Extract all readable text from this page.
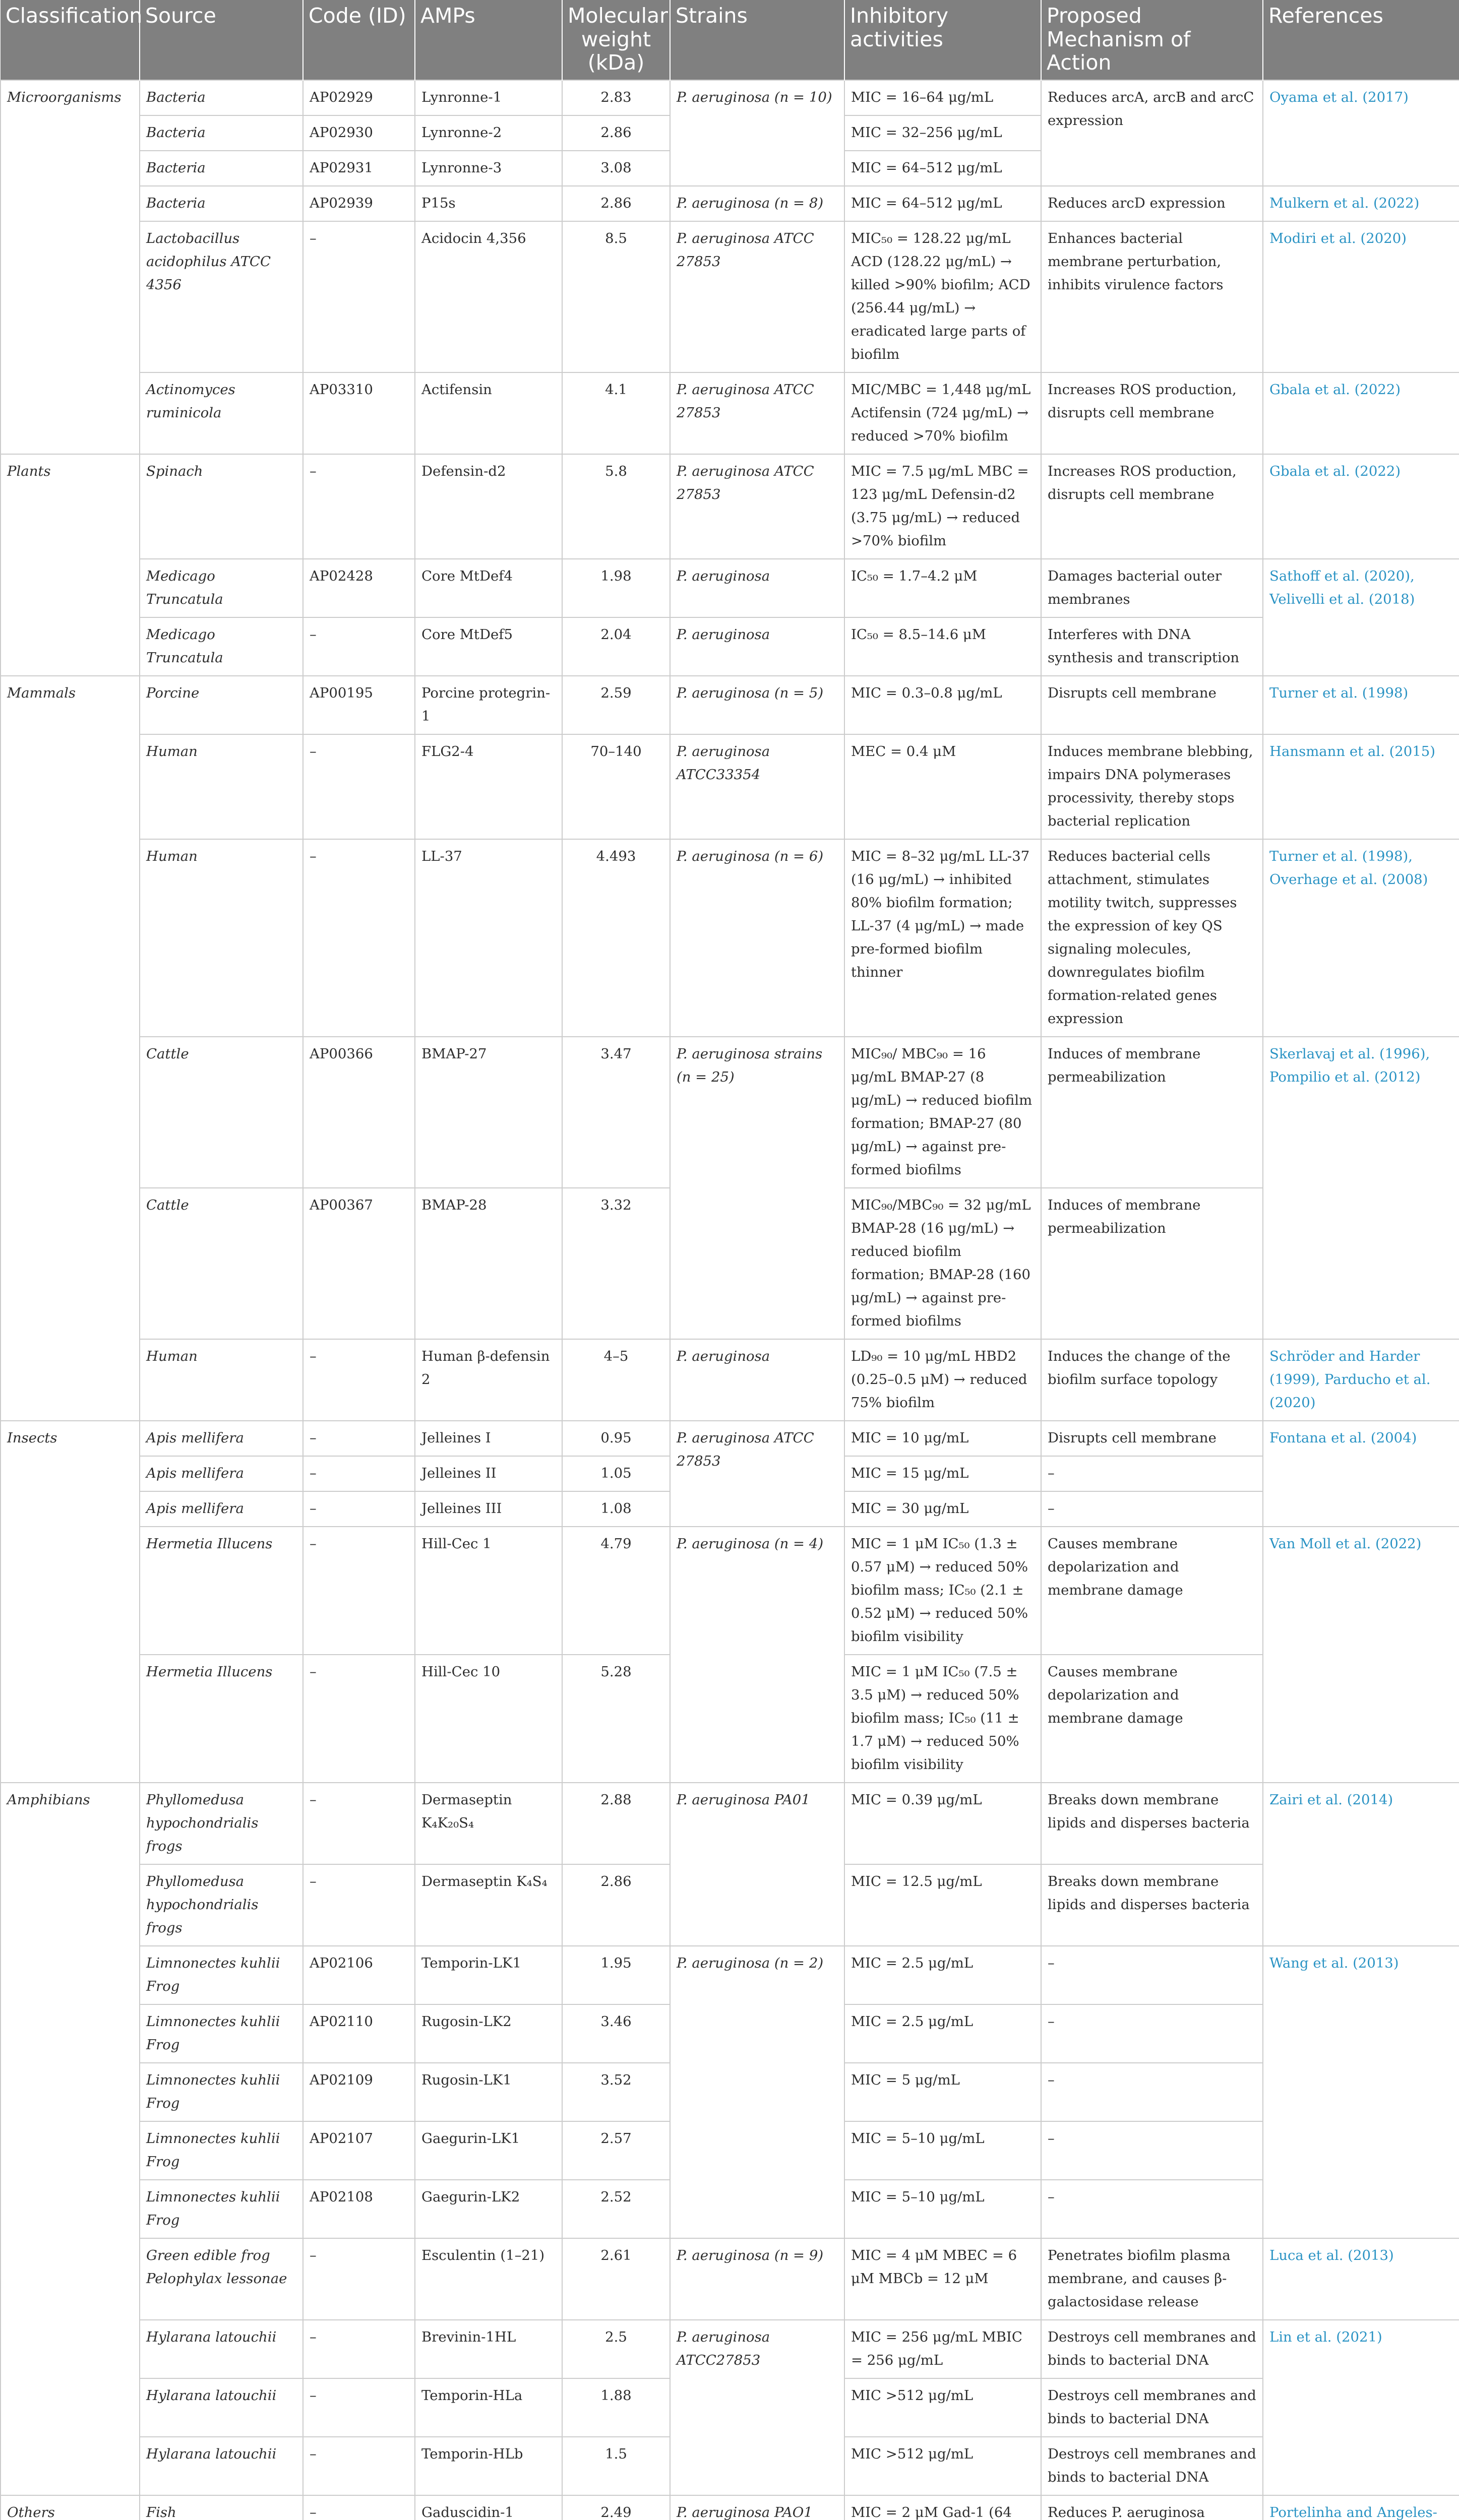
Classification	Source	Code (ID)	AMPs	Molecular weight (kDa)	Strains	Inhibitory activities	Proposed Mechanism of Action	References
Microorganisms	Bacteria	AP02929	Lynronne-1	2.83	P. aeruginosa (n = 10)	MIC = 16–64 μg/mL	Reduces arcA, arcB and arcC expression	Oyama et al. (2017)
	Bacteria	AP02930	Lynronne-2	2.86		MIC = 32–256 μg/mL		
	Bacteria	AP02931	Lynronne-3	3.08		MIC = 64–512 μg/mL		
	Bacteria	AP02939	P15s	2.86	P. aeruginosa (n = 8)	MIC = 64–512 μg/mL	Reduces arcD expression	Mulkern et al. (2022)
	Lactobacillus acidophilus ATCC 4356	–	Acidocin 4,356	8.5	P. aeruginosa ATCC 27853	MIC₅₀ = 128.22 μg/mL ACD (128.22 μg/mL) → killed >90% biofilm; ACD (256.44 μg/mL) → eradicated large parts of biofilm	Enhances bacterial membrane perturbation, inhibits virulence factors	Modiri et al. (2020)
	Actinomyces ruminicola	AP03310	Actifensin	4.1	P. aeruginosa ATCC 27853	MIC/MBC = 1,448 μg/mL Actifensin (724 μg/mL) → reduced >70% biofilm	Increases ROS production, disrupts cell membrane	Gbala et al. (2022)
Plants	Spinach	–	Defensin-d2	5.8	P. aeruginosa ATCC 27853	MIC = 7.5 μg/mL MBC = 123 μg/mL Defensin-d2 (3.75 μg/mL) → reduced >70% biofilm	Increases ROS production, disrupts cell membrane	Gbala et al. (2022)
	Medicago Truncatula	AP02428	Core MtDef4	1.98	P. aeruginosa	IC₅₀ = 1.7–4.2 μM	Damages bacterial outer membranes	Sathoff et al. (2020), Velivelli et al. (2018)
	Medicago Truncatula	–	Core MtDef5	2.04	P. aeruginosa	IC₅₀ = 8.5–14.6 μM	Interferes with DNA synthesis and transcription	
Mammals	Porcine	AP00195	Porcine protegrin-1	2.59	P. aeruginosa (n = 5)	MIC = 0.3–0.8 μg/mL	Disrupts cell membrane	Turner et al. (1998)
	Human	–	FLG2-4	70–140	P. aeruginosa ATCC33354	MEC = 0.4 μM	Induces membrane blebbing, impairs DNA polymerases processivity, thereby stops bacterial replication	Hansmann et al. (2015)
	Human	–	LL-37	4.493	P. aeruginosa (n = 6)	MIC = 8–32 μg/mL LL-37 (16 μg/mL) → inhibited 80% biofilm formation; LL-37 (4 μg/mL) → made pre-formed biofilm thinner	Reduces bacterial cells attachment, stimulates motility twitch, suppresses the expression of key QS signaling molecules, downregulates biofilm formation-related genes expression	Turner et al. (1998), Overhage et al. (2008)
	Cattle	AP00366	BMAP-27	3.47	P. aeruginosa strains (n = 25)	MIC₉₀/ MBC₉₀ = 16 μg/mL BMAP-27 (8 μg/mL) → reduced biofilm formation; BMAP-27 (80 μg/mL) → against pre-formed biofilms	Induces of membrane permeabilization	Skerlavaj et al. (1996), Pompilio et al. (2012)
	Cattle	AP00367	BMAP-28	3.32		MIC₉₀/MBC₉₀ = 32 μg/mL BMAP-28 (16 μg/mL) → reduced biofilm formation; BMAP-28 (160 μg/mL) → against pre-formed biofilms	Induces of membrane permeabilization	
	Human	–	Human β-defensin 2	4–5	P. aeruginosa	LD₉₀ = 10 μg/mL HBD2 (0.25–0.5 μM) → reduced 75% biofilm	Induces the change of the biofilm surface topology	Schröder and Harder (1999), Parducho et al. (2020)
Insects	Apis mellifera	–	Jelleines I	0.95	P. aeruginosa ATCC 27853	MIC = 10 μg/mL	Disrupts cell membrane	Fontana et al. (2004)
	Apis mellifera	–	Jelleines II	1.05		MIC = 15 μg/mL	–	
	Apis mellifera	–	Jelleines III	1.08		MIC = 30 μg/mL	–	
	Hermetia Illucens	–	Hill-Cec 1	4.79	P. aeruginosa (n = 4)	MIC = 1 μM IC₅₀ (1.3 ± 0.57 μM) → reduced 50% biofilm mass; IC₅₀ (2.1 ± 0.52 μM) → reduced 50% biofilm visibility	Causes membrane depolarization and membrane damage	Van Moll et al. (2022)
	Hermetia Illucens	–	Hill-Cec 10	5.28		MIC = 1 μM IC₅₀ (7.5 ± 3.5 μM) → reduced 50% biofilm mass; IC₅₀ (11 ± 1.7 μM) → reduced 50% biofilm visibility	Causes membrane depolarization and membrane damage	
Amphibians	Phyllomedusa hypochondrialis frogs	–	Dermaseptin K₄K₂₀S₄	2.88	P. aeruginosa PA01	MIC = 0.39 μg/mL	Breaks down membrane lipids and disperses bacteria	Zairi et al. (2014)
	Phyllomedusa hypochondrialis frogs	–	Dermaseptin K₄S₄	2.86		MIC = 12.5 μg/mL	Breaks down membrane lipids and disperses bacteria	
	Limnonectes kuhlii Frog	AP02106	Temporin-LK1	1.95	P. aeruginosa (n = 2)	MIC = 2.5 μg/mL	–	Wang et al. (2013)
	Limnonectes kuhlii Frog	AP02110	Rugosin-LK2	3.46		MIC = 2.5 μg/mL	–	
	Limnonectes kuhlii Frog	AP02109	Rugosin-LK1	3.52		MIC = 5 μg/mL	–	
	Limnonectes kuhlii Frog	AP02107	Gaegurin-LK1	2.57		MIC = 5–10 μg/mL	–	
	Limnonectes kuhlii Frog	AP02108	Gaegurin-LK2	2.52		MIC = 5–10 μg/mL	–	
	Green edible frog Pelophylax lessonae	–	Esculentin (1–21)	2.61	P. aeruginosa (n = 9)	MIC = 4 μM MBEC = 6 μM MBCb = 12 μM	Penetrates biofilm plasma membrane, and causes β-galactosidase release	Luca et al. (2013)
	Hylarana latouchii	–	Brevinin-1HL	2.5	P. aeruginosa ATCC27853	MIC = 256 μg/mL MBIC = 256 μg/mL	Destroys cell membranes and binds to bacterial DNA	Lin et al. (2021)
	Hylarana latouchii	–	Temporin-HLa	1.88		MIC >512 μg/mL	Destroys cell membranes and binds to bacterial DNA	
	Hylarana latouchii	–	Temporin-HLb	1.5		MIC >512 μg/mL	Destroys cell membranes and binds to bacterial DNA	
Others	Fish	–	Gaduscidin-1	2.49	P. aeruginosa PAO1	MIC = 2 μM Gad-1 (64	Reduces P. aeruginosa	Portelinha and Angeles-
